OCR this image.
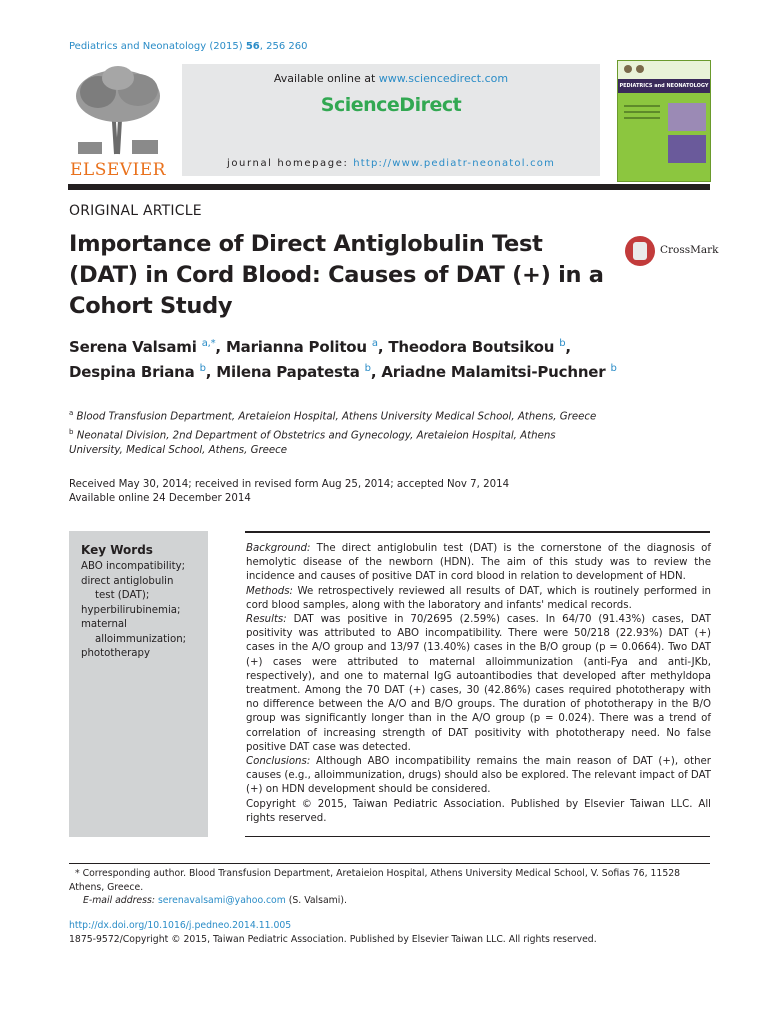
Pediatrics and Neonatology (2015) 56, 256 260
ELSEVIER
Available online at www.sciencedirect.com
ScienceDirect
journal homepage: http://www.pediatr-neonatol.com
PEDIATRICS and NEONATOLOGY
ORIGINAL ARTICLE
Importance of Direct Antiglobulin Test (DAT) in Cord Blood: Causes of DAT (+) in a Cohort Study
CrossMark
Serena Valsami $^{a,*}$, Marianna Politou $^a$, Theodora Boutsikou $^b$,
Despina Briana $^b$, Milena Papatesta $^b$, Ariadne Malamitsi-Puchner $^b$
$^a$ Blood Transfusion Department, Aretaieion Hospital, Athens University Medical School, Athens, Greece
$^b$ Neonatal Division, 2nd Department of Obstetrics and Gynecology, Aretaieion Hospital, Athens University, Medical School, Athens, Greece
Received May 30, 2014; received in revised form Aug 25, 2014; accepted Nov 7, 2014
Available online 24 December 2014
Key Words
ABO incompatibility;
direct antiglobulin
test (DAT);
hyperbilirubinemia;
maternal
alloimmunization;
phototherapy

Background: The direct antiglobulin test (DAT) is the cornerstone of the diagnosis of hemolytic disease of the newborn (HDN). The aim of this study was to review the incidence and causes of positive DAT in cord blood in relation to development of HDN.

Methods: We retrospectively reviewed all results of DAT, which is routinely performed in cord blood samples, along with the laboratory and infants' medical records.

Results: DAT was positive in 70/2695 (2.59%) cases. In 64/70 (91.43%) cases, DAT positivity was attributed to ABO incompatibility. There were 50/218 (22.93%) DAT (+) cases in the A/O group and 13/97 (13.40%) cases in the B/O group (p = 0.0664). Two DAT (+) cases were attributed to maternal alloimmunization (anti-Fya and anti-JKb, respectively), and one to maternal IgG autoantibodies that developed after methyldopa treatment. Among the 70 DAT (+) cases, 30 (42.86%) cases required phototherapy with no difference between the A/O and B/O groups. The duration of phototherapy in the B/O group was significantly longer than in the A/O group (p = 0.024). There was a trend of correlation of increasing strength of DAT positivity with phototherapy need. No false positive DAT case was detected.

Conclusions: Although ABO incompatibility remains the main reason of DAT (+), other causes (e.g., alloimmunization, drugs) should also be explored. The relevant impact of DAT (+) on HDN development should be considered.

Copyright © 2015, Taiwan Pediatric Association. Published by Elsevier Taiwan LLC. All rights reserved.

* Corresponding author. Blood Transfusion Department, Aretaieion Hospital, Athens University Medical School, V. Sofias 76, 11528 Athens, Greece.
E-mail address: serenavalsami@yahoo.com (S. Valsami).
http://dx.doi.org/10.1016/j.pedneo.2014.11.005
1875-9572/Copyright © 2015, Taiwan Pediatric Association. Published by Elsevier Taiwan LLC. All rights reserved.
